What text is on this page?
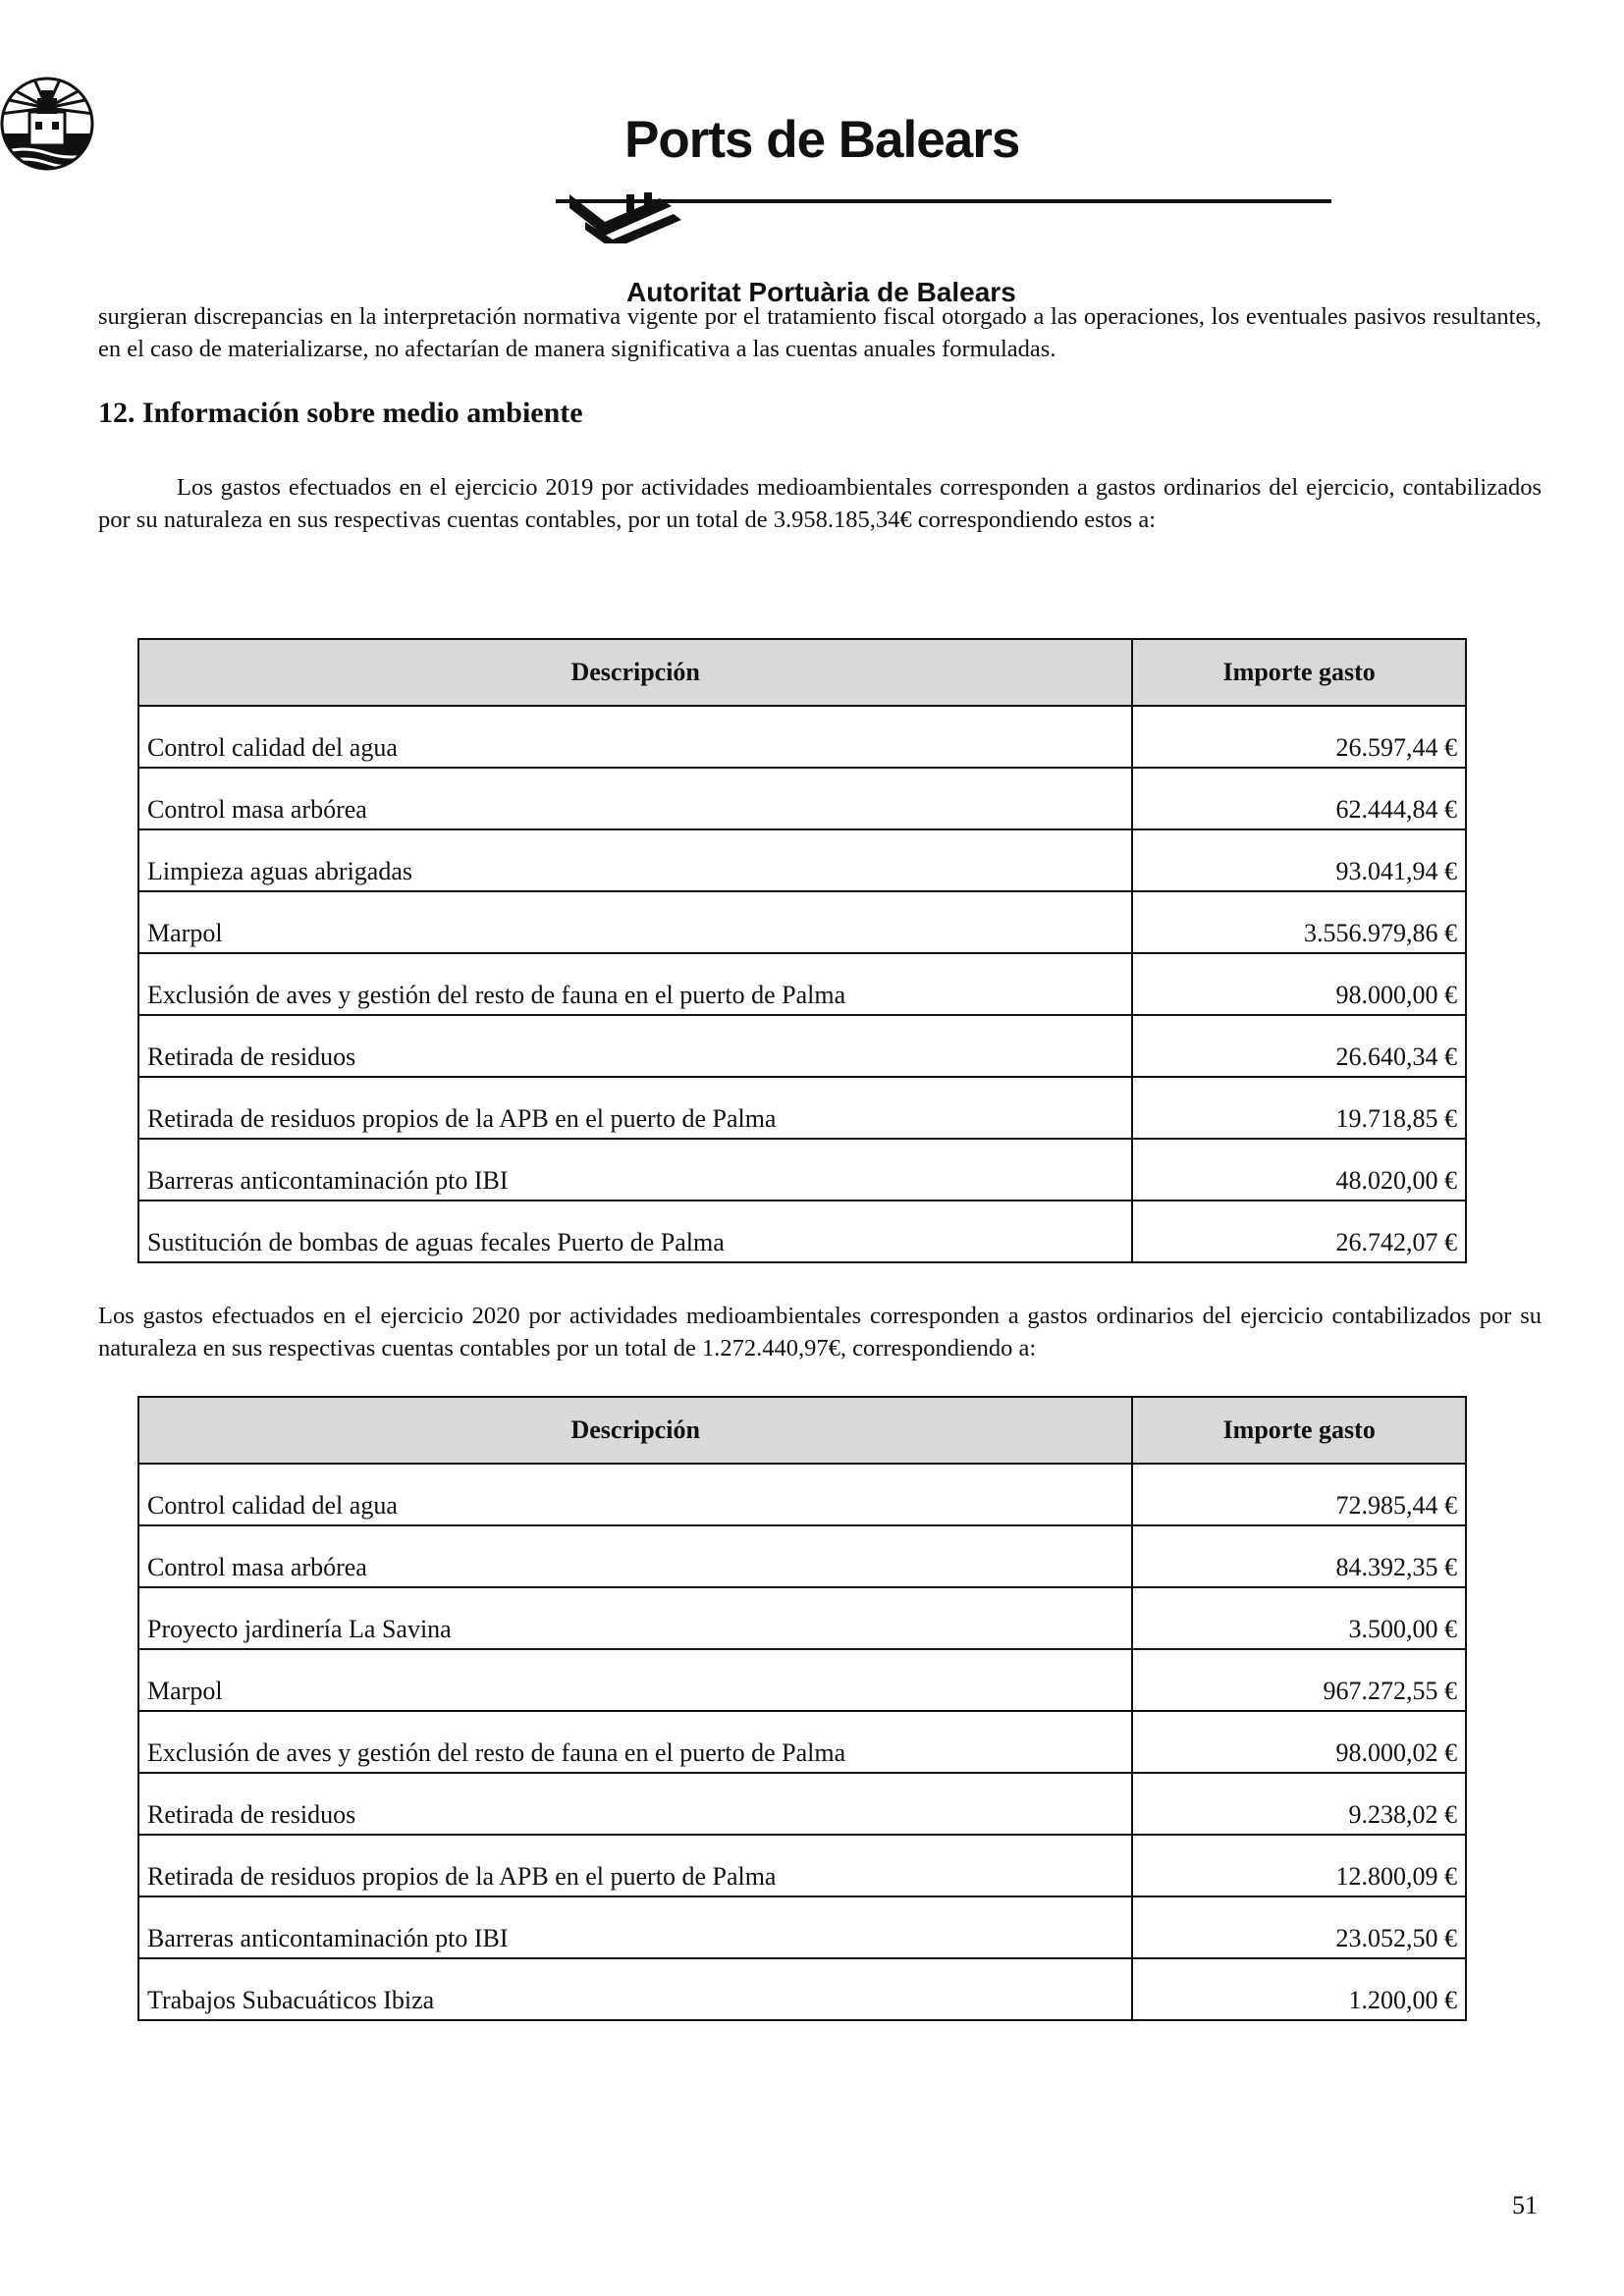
Ports de Balears
Autoritat Portuària de Balears

surgieran discrepancias en la interpretación normativa vigente por el tratamiento fiscal otorgado a las operaciones, los eventuales pasivos resultantes, en el caso de materializarse, no afectarían de manera significativa a las cuentas anuales formuladas.

12. Información sobre medio ambiente

Los gastos efectuados en el ejercicio 2019 por actividades medioambientales corresponden a gastos ordinarios del ejercicio, contabilizados por su naturaleza en sus respectivas cuentas contables, por un total de 3.958.185,34€ correspondiendo estos a:

Descripción	Importe gasto
Control calidad del agua	26.597,44 €
Control masa arbórea	62.444,84 €
Limpieza aguas abrigadas	93.041,94 €
Marpol	3.556.979,86 €
Exclusión de aves y gestión del resto de fauna en el puerto de Palma	98.000,00 €
Retirada de residuos	26.640,34 €
Retirada de residuos propios de la APB en el puerto de Palma	19.718,85 €
Barreras anticontaminación pto IBI	48.020,00 €
Sustitución de bombas de aguas fecales Puerto de Palma	26.742,07 €

Los gastos efectuados en el ejercicio 2020 por actividades medioambientales corresponden a gastos ordinarios del ejercicio contabilizados por su naturaleza en sus respectivas cuentas contables por un total de 1.272.440,97€, correspondiendo a:

Descripción	Importe gasto
Control calidad del agua	72.985,44 €
Control masa arbórea	84.392,35 €
Proyecto jardinería La Savina	3.500,00 €
Marpol	967.272,55 €
Exclusión de aves y gestión del resto de fauna en el puerto de Palma	98.000,02 €
Retirada de residuos	9.238,02 €
Retirada de residuos propios de la APB en el puerto de Palma	12.800,09 €
Barreras anticontaminación pto IBI	23.052,50 €
Trabajos Subacuáticos Ibiza	1.200,00 €
51
